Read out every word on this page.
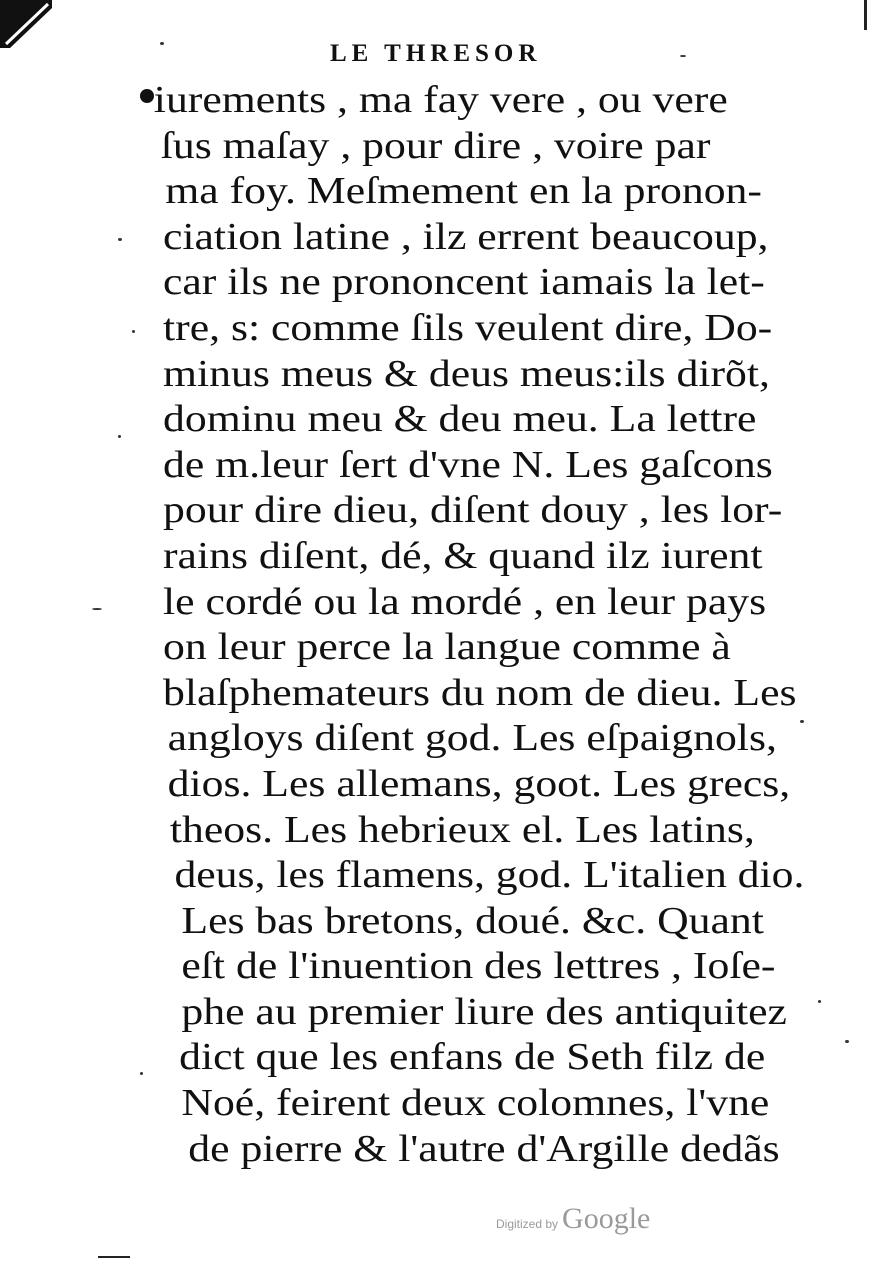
LE THRESOR
iurements , ma fay vere , ou vere
ſus maſay , pour dire , voire par
ma foy. Meſmement en la pronon-
ciation latine , ilz errent beaucoup,
car ils ne prononcent iamais la let-
tre, s: comme ſils veulent dire, Do-
minus meus & deus meus:ils dirõt,
dominu meu & deu meu. La lettre
de m.leur ſert d'vne N. Les gaſcons
pour dire dieu, diſent douy , les lor-
rains diſent, dé, & quand ilz iurent
le cordé ou la mordé , en leur pays
on leur perce la langue comme à
blaſphemateurs du nom de dieu. Les
angloys diſent god. Les eſpaignols,
dios. Les allemans, goot. Les grecs,
theos. Les hebrieux el. Les latins,
deus, les flamens, god. L'italien dio.
Les bas bretons, doué. &c. Quant
eſt de l'inuention des lettres , Ioſe-
phe au premier liure des antiquitez
dict que les enfans de Seth filz de
Noé, feirent deux colomnes, l'vne
de pierre & l'autre d'Argille dedãs
Digitized by Google
